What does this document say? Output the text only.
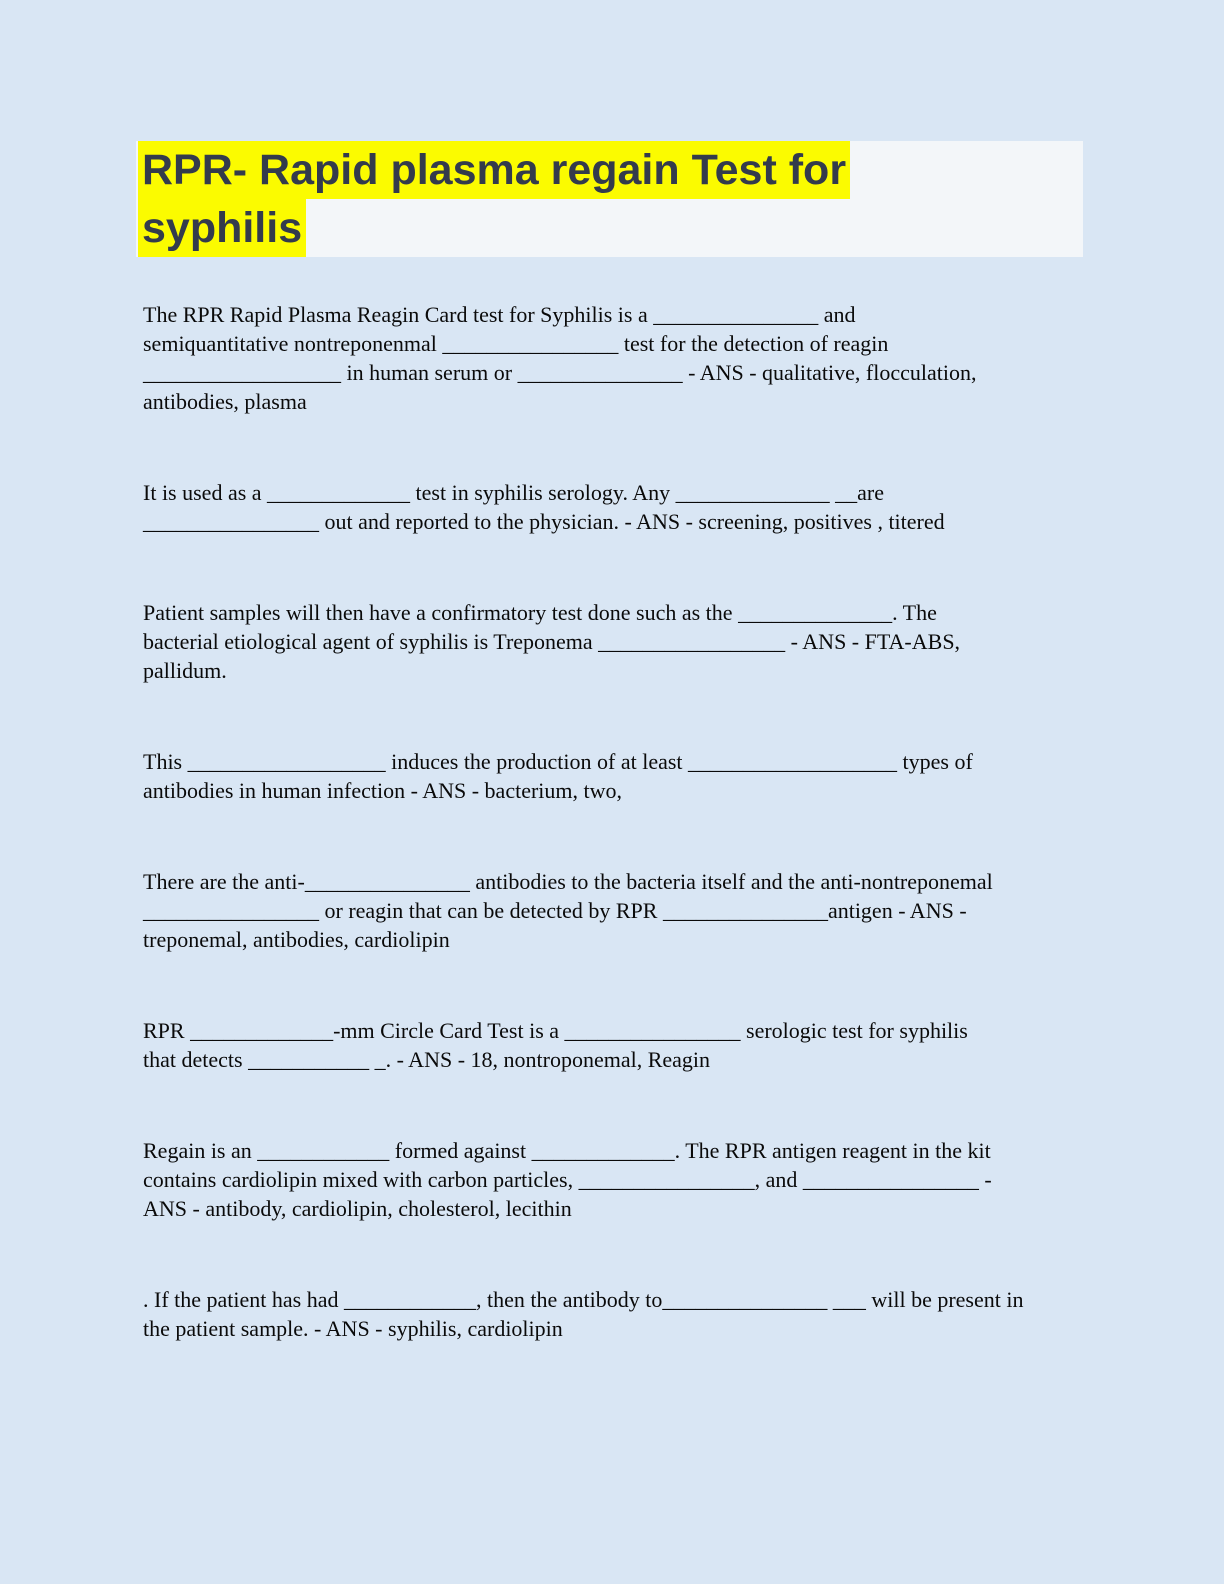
RPR- Rapid plasma regain Test for syphilis

The RPR Rapid Plasma Reagin Card test for Syphilis is a _______________ and
semiquantitative nontreponenmal ________________ test for the detection of reagin
__________________ in human serum or _______________ - ANS - qualitative, flocculation,
antibodies, plasma

It is used as a _____________ test in syphilis serology. Any ______________ __are
________________ out and reported to the physician. - ANS - screening, positives , titered

Patient samples will then have a confirmatory test done such as the ______________. The
bacterial etiological agent of syphilis is Treponema _________________ - ANS - FTA-ABS,
pallidum.

This __________________ induces the production of at least ___________________ types of
antibodies in human infection - ANS - bacterium, two,

There are the anti-_______________ antibodies to the bacteria itself and the anti-nontreponemal
________________ or reagin that can be detected by RPR _______________antigen - ANS -
treponemal, antibodies, cardiolipin

RPR _____________-mm Circle Card Test is a ________________ serologic test for syphilis
that detects ___________ _. - ANS - 18, nontroponemal, Reagin

Regain is an ____________ formed against _____________. The RPR antigen reagent in the kit
contains cardiolipin mixed with carbon particles, ________________, and ________________ -
ANS - antibody, cardiolipin, cholesterol, lecithin

. If the patient has had ____________, then the antibody to_______________ ___ will be present in
the patient sample. - ANS - syphilis, cardiolipin
